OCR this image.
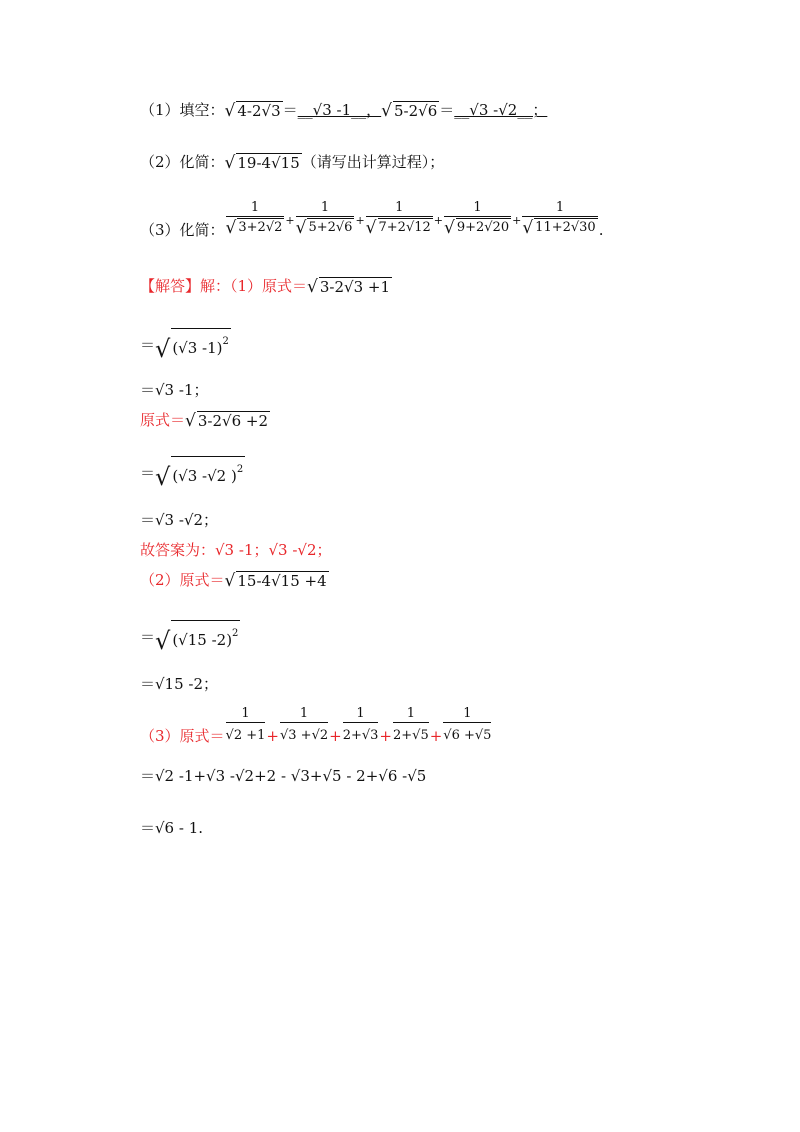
（1）填空： √ 4-2√3 ＝ __√3 -1__， √ 5-2√6 ＝ __√3 -√2__；
（2）化简： √ 19-4√15 （请写出计算过程）；
（3）化简： $\frac{1}{√ 3+2√2} + \frac{1}{√ 5+2√6} + \frac{1}{√ 7+2√12} + \frac{1}{√ 9+2√20} + \frac{1}{√ 11+2√30}$ .
【解答】解：（1）原式＝ √ 3-2√3 +1
＝ √ (√3 -1)$^2$
＝√3 -1；
原式＝ √ 3-2√6 +2
＝ √ (√3 -√2 )$^2$
＝√3 -√2；
故答案为：√3 -1；√3 -√2；
（2）原式＝ √ 15-4√15 +4
＝ √ (√15 -2)$^2$
＝√15 -2；
（3）原式＝ $\frac{1}{√2 +1} + \frac{1}{√3 +√2} + \frac{1}{2+√3} + \frac{1}{2+√5} + \frac{1}{√6 +√5}$
＝√2 -1+√3 -√2+2 - √3+√5 - 2+√6 -√5
＝√6 - 1.
